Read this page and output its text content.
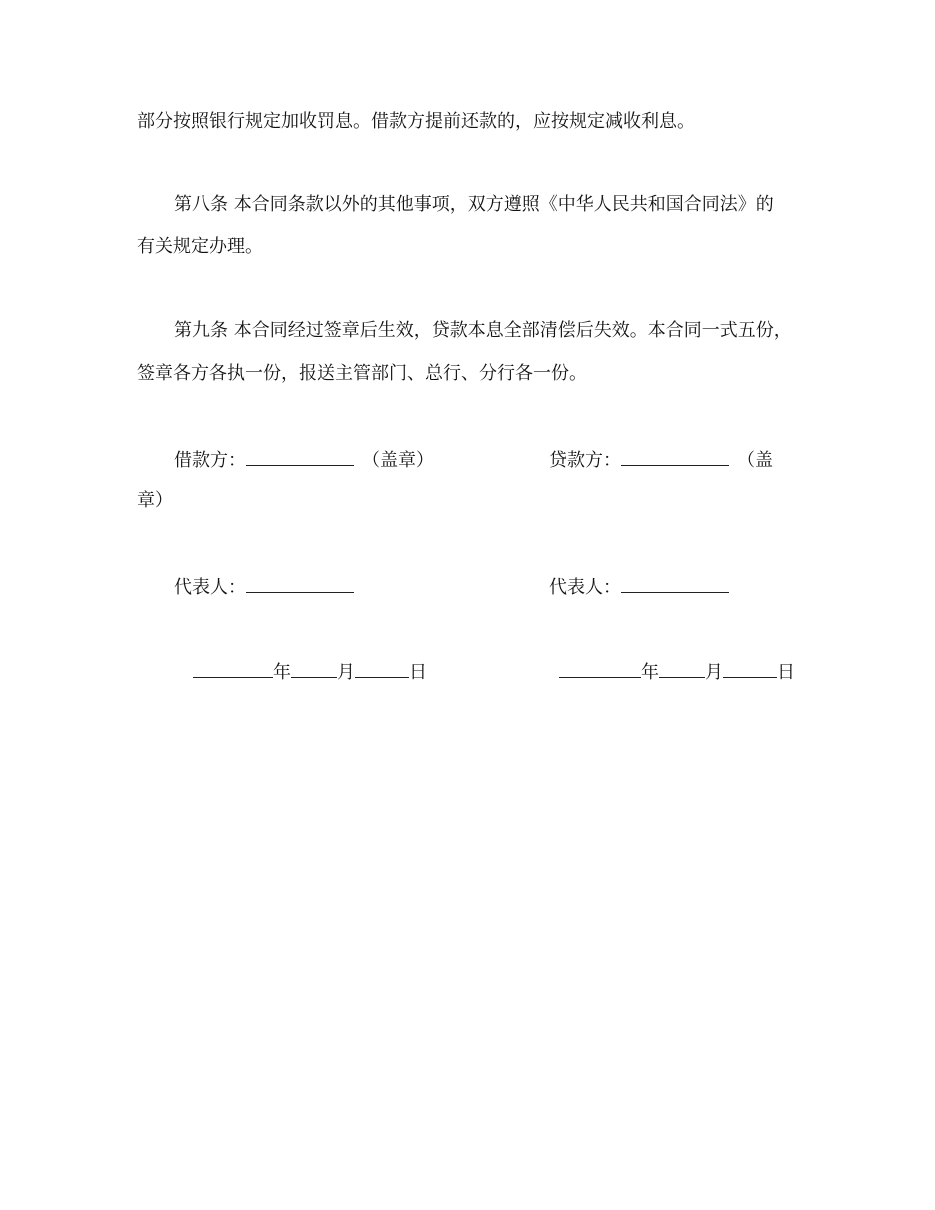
部分按照银行规定加收罚息。借款方提前还款的，应按规定减收利息。
第八条 本合同条款以外的其他事项，双方遵照《中华人民共和国合同法》的
有关规定办理。
第九条 本合同经过签章后生效，贷款本息全部清偿后失效。本合同一式五份，
签章各方各执一份，报送主管部门、总行、分行各一份。
借款方：	（盖章）	贷款方：	（盖
章）
代表人：	代表人：
年	月	日	年	月	日
